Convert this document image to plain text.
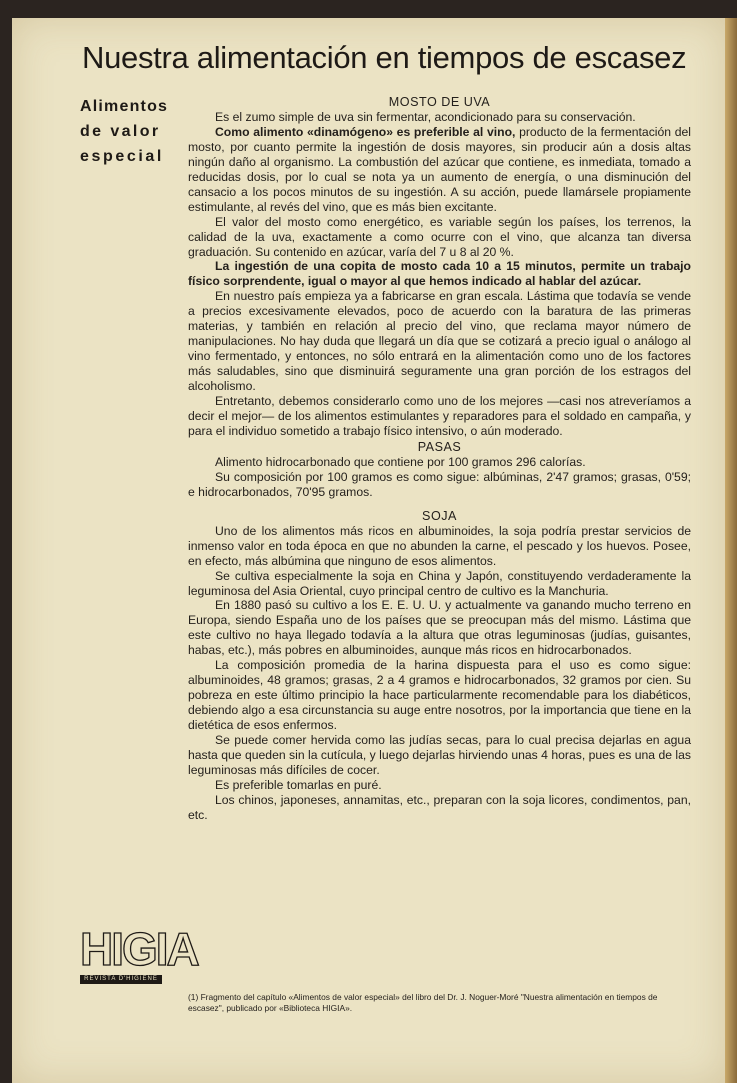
Nuestra alimentación en tiempos de escasez
Alimentos
de valor
especial
MOSTO DE UVA

Es el zumo simple de uva sin fermentar, acondicionado para su conservación.

Como alimento «dinamógeno» es preferible al vino, producto de la fermentación del mosto, por cuanto permite la ingestión de dosis mayores, sin producir aún a dosis altas ningún daño al organismo. La combustión del azúcar que contiene, es inmediata, tomado a reducidas dosis, por lo cual se nota ya un aumento de energía, o una disminución del cansacio a los pocos minutos de su ingestión. A su acción, puede llamársele propiamente estimulante, al revés del vino, que es más bien excitante.

El valor del mosto como energético, es variable según los países, los terrenos, la calidad de la uva, exactamente a como ocurre con el vino, que alcanza tan diversa graduación. Su contenido en azúcar, varía del 7 u 8 al 20 %.

La ingestión de una copita de mosto cada 10 a 15 minutos, permite un trabajo físico sorprendente, igual o mayor al que hemos indicado al hablar del azúcar.

En nuestro país empieza ya a fabricarse en gran escala. Lástima que todavía se vende a precios excesivamente elevados, poco de acuerdo con la baratura de las primeras materias, y también en relación al precio del vino, que reclama mayor número de manipulaciones. No hay duda que llegará un día que se cotizará a precio igual o análogo al vino fermentado, y entonces, no sólo entrará en la alimentación como uno de los factores más saludables, sino que disminuirá seguramente una gran porción de los estragos del alcoholismo.

Entretanto, debemos considerarlo como uno de los mejores —casi nos atreveríamos a decir el mejor— de los alimentos estimulantes y reparadores para el soldado en campaña, y para el individuo sometido a trabajo físico intensivo, o aún moderado.

PASAS

Alimento hidrocarbonado que contiene por 100 gramos 296 calorías.

Su composición por 100 gramos es como sigue: albúminas, 2'47 gramos; grasas, 0'59; e hidrocarbonados, 70'95 gramos.

SOJA

Uno de los alimentos más ricos en albuminoides, la soja podría prestar servicios de inmenso valor en toda época en que no abunden la carne, el pescado y los huevos. Posee, en efecto, más albúmina que ninguno de esos alimentos.

Se cultiva especialmente la soja en China y Japón, constituyendo verdaderamente la leguminosa del Asia Oriental, cuyo principal centro de cultivo es la Manchuria.

En 1880 pasó su cultivo a los E. E. U. U. y actualmente va ganando mucho terreno en Europa, siendo España uno de los países que se preocupan más del mismo. Lástima que este cultivo no haya llegado todavía a la altura que otras leguminosas (judías, guisantes, habas, etc.), más pobres en albuminoides, aunque más ricos en hidrocarbonados.

La composición promedia de la harina dispuesta para el uso es como sigue: albuminoides, 48 gramos; grasas, 2 a 4 gramos e hidrocarbonados, 32 gramos por cien. Su pobreza en este último principio la hace particularmente recomendable para los diabéticos, debiendo algo a esa circunstancia su auge entre nosotros, por la importancia que tiene en la dietética de esos enfermos.

Se puede comer hervida como las judías secas, para lo cual precisa dejarlas en agua hasta que queden sin la cutícula, y luego dejarlas hirviendo unas 4 horas, pues es una de las leguminosas más difíciles de cocer.

Es preferible tomarlas en puré.

Los chinos, japoneses, annamitas, etc., preparan con la soja licores, condimentos, pan, etc.

HIGIA
REVISTA D'HIGIENE
(1) Fragmento del capítulo «Alimentos de valor especial» del libro del Dr. J. Noguer-Moré "Nuestra alimentación en tiempos de escasez", publicado por «Biblioteca HIGIA».
